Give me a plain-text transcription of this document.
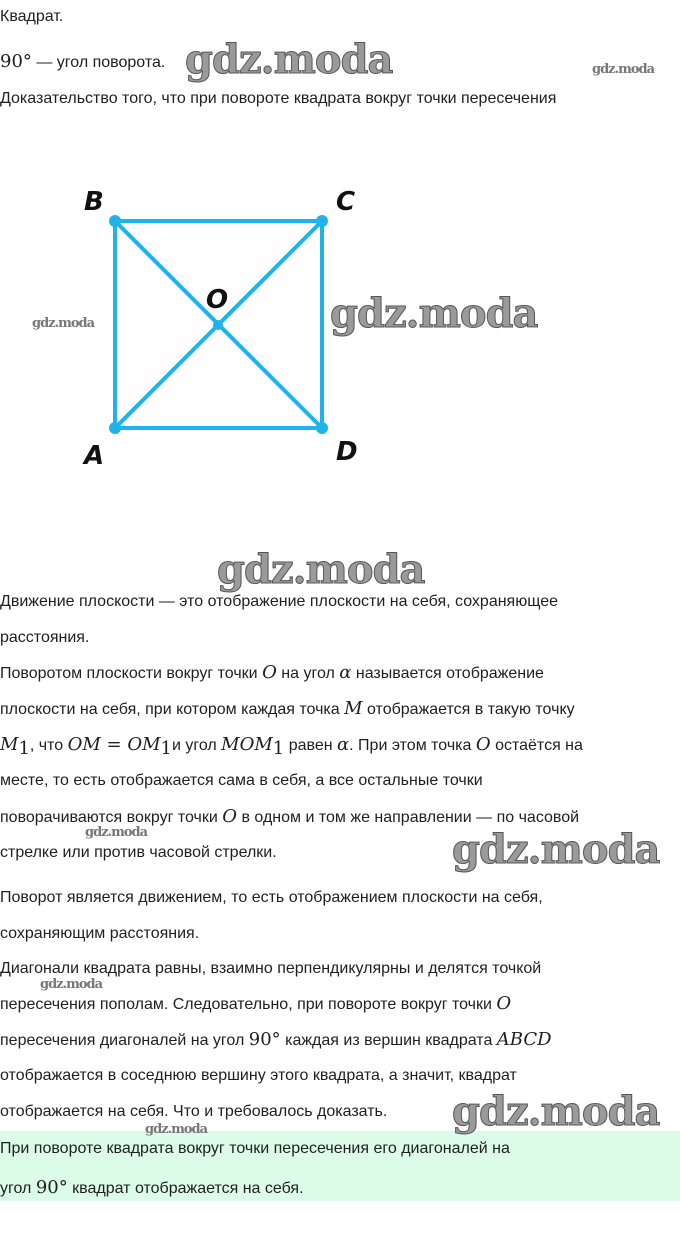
Квадрат.
90° — угол поворота.
Доказательство того, что при повороте квадрата вокруг точки пересечения
B	C
O
A	D
Движение плоскости — это отображение плоскости на себя, сохраняющее
расстояния.
Поворотом плоскости вокруг точки O на угол α называется отображение
плоскости на себя, при котором каждая точка M отображается в такую точку
$M_1$, что OM = $OM_1и$ угол $MOM_1$ равен α. При этом точка O остаётся на
месте, то есть отображается сама в себя, а все остальные точки
поворачиваются вокруг точки O в одном и том же направлении — по часовой
стрелке или против часовой стрелки.
Поворот является движением, то есть отображением плоскости на себя,
сохраняющим расстояния.
Диагонали квадрата равны, взаимно перпендикулярны и делятся точкой
пересечения пополам. Следовательно, при повороте вокруг точки O
пересечения диагоналей на угол 90° каждая из вершин квадрата ABCD
отображается в соседнюю вершину этого квадрата, а значит, квадрат
отображается на себя. Что и требовалось доказать.
При повороте квадрата вокруг точки пересечения его диагоналей на
угол 90° квадрат отображается на себя.
gdz.moda	gdz.moda
gdz.moda	gdz.moda
gdz.moda
gdz.moda	gdz.moda
gdz.moda
gdz.moda
gdz.moda
